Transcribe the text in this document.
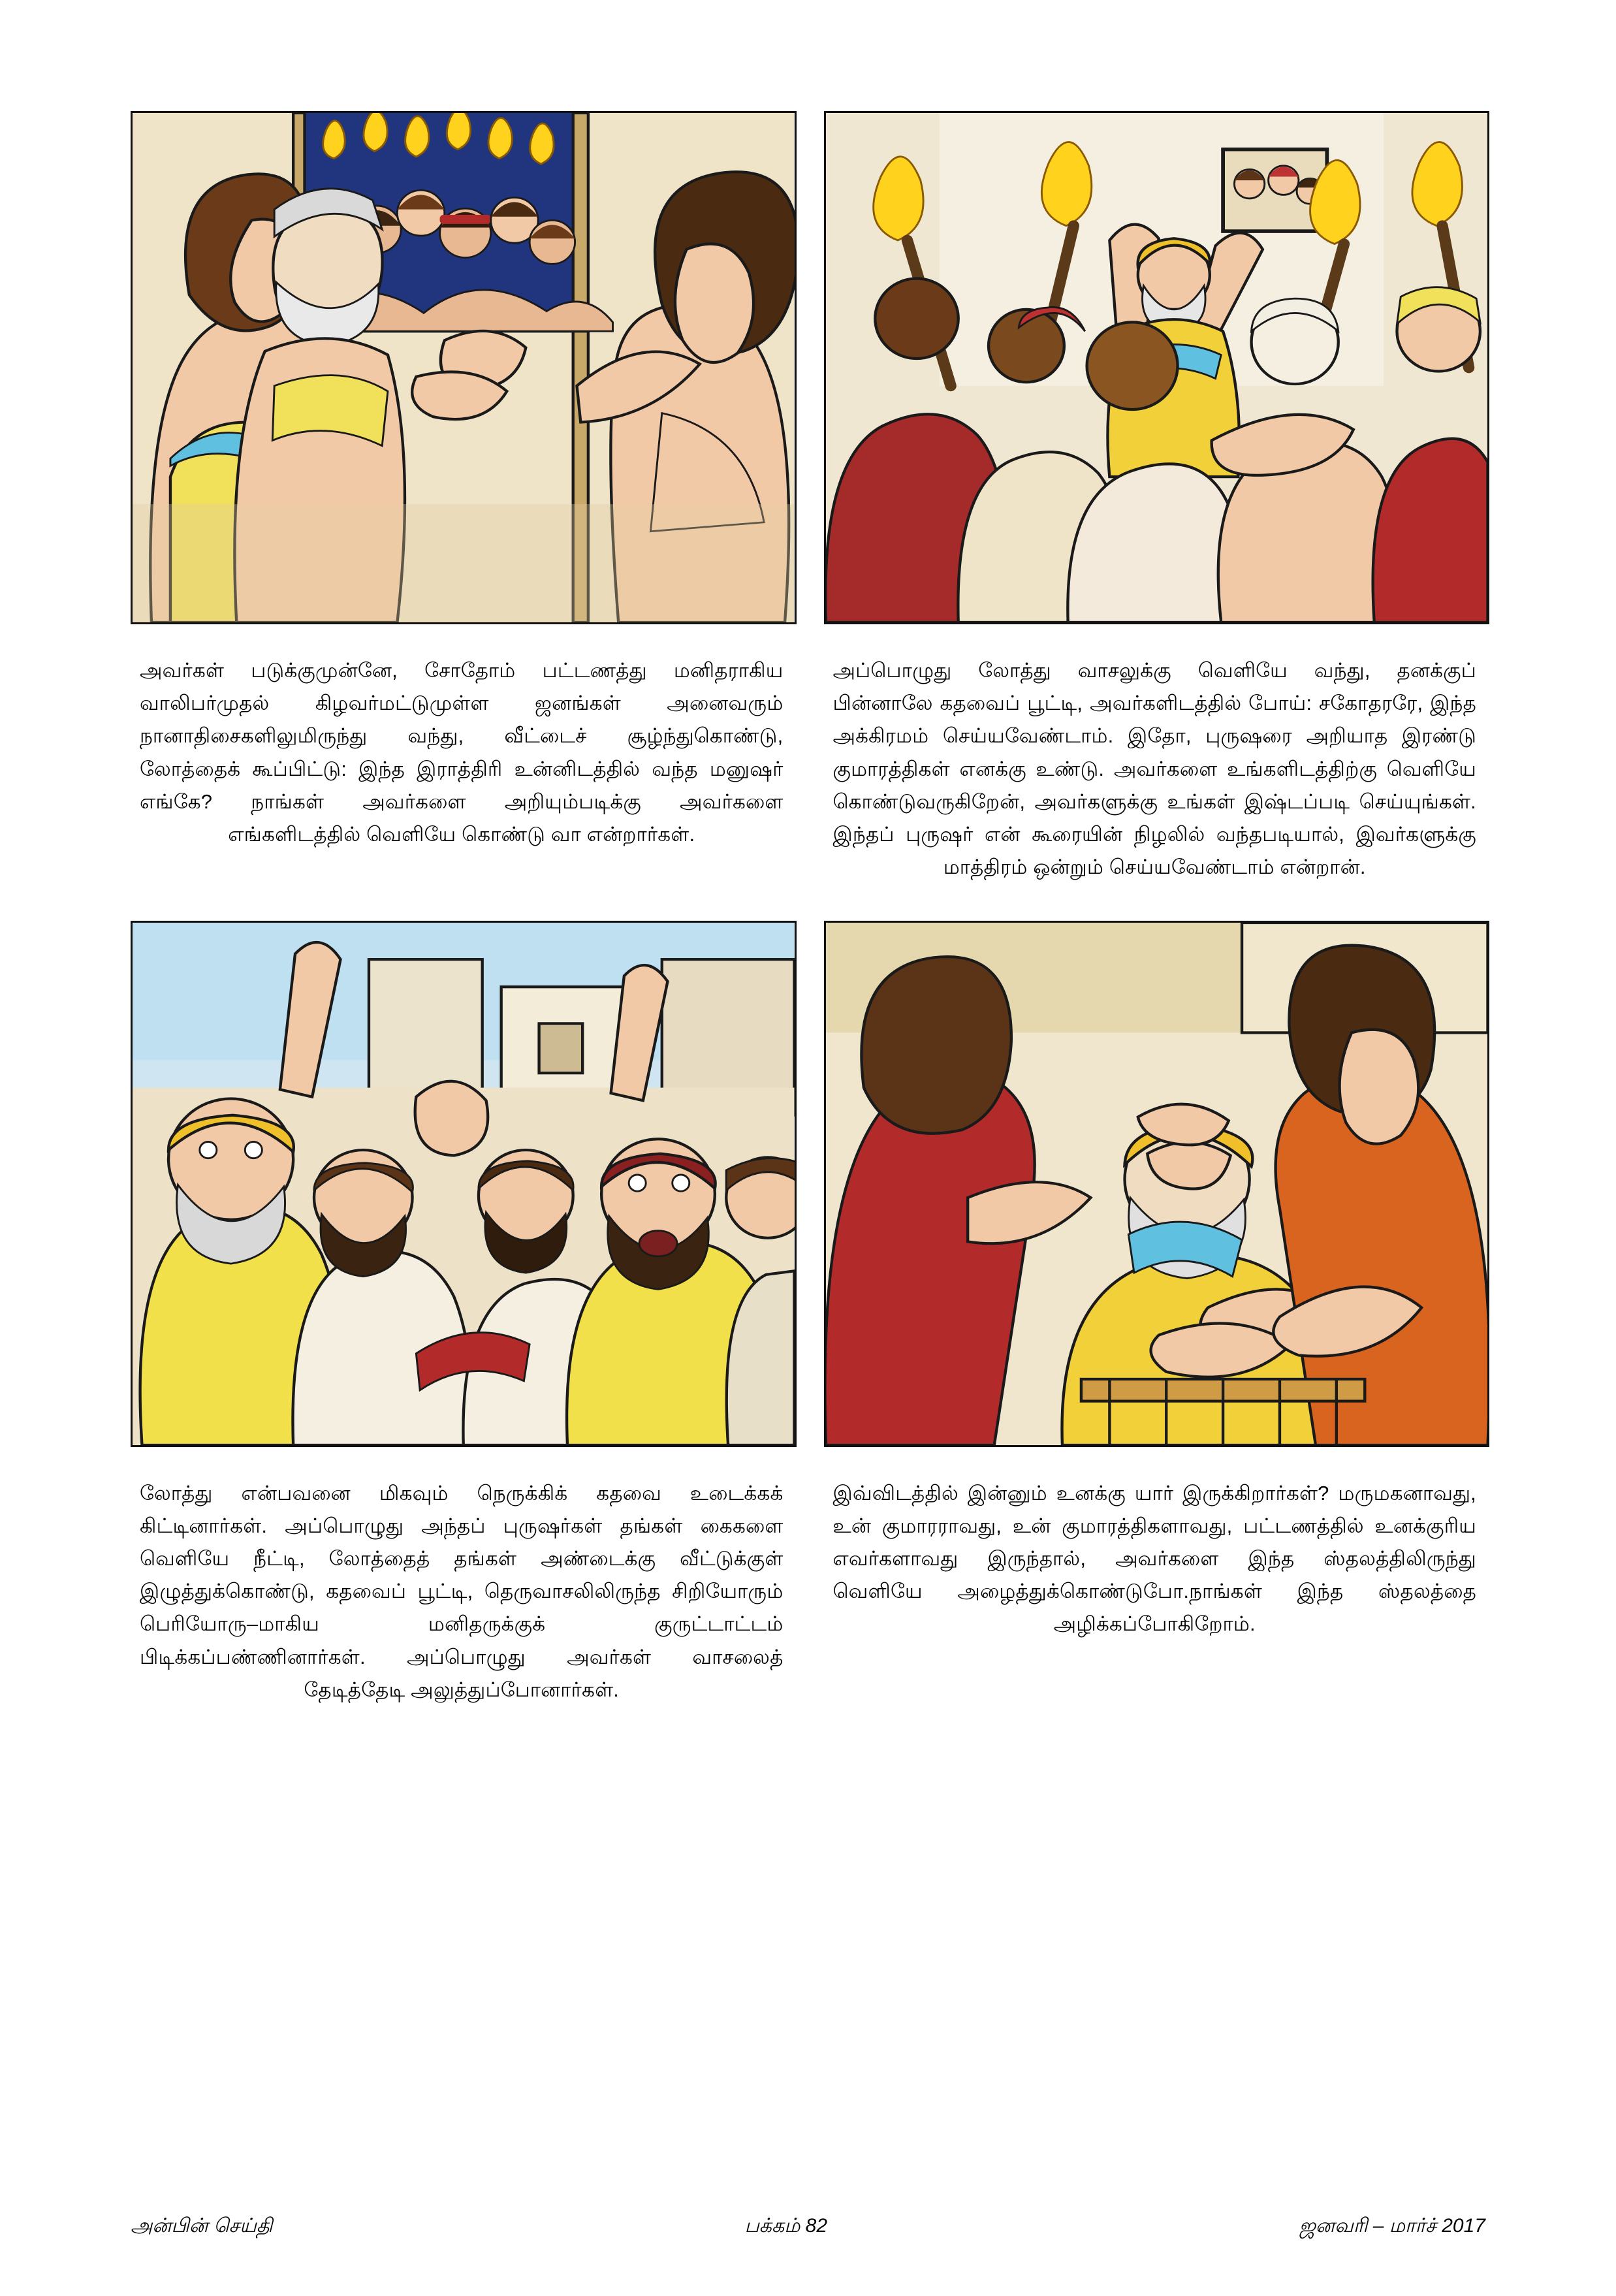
அவர்கள் படுக்குமுன்னே, சோதோம் பட்டணத்து மனிதராகிய வாலிபர்முதல் கிழவர்மட்டுமுள்ள ஜனங்கள் அனைவரும் நானாதிசைகளிலுமிருந்து வந்து, வீட்டைச் சூழ்ந்துகொண்டு, லோத்தைக் கூப்பிட்டு: இந்த இராத்திரி உன்னிடத்தில் வந்த மனுஷர் எங்கே? நாங்கள் அவர்களை அறியும்படிக்கு அவர்களை எங்களிடத்தில் வெளியே கொண்டு வா என்றார்கள்.
அப்பொழுது லோத்து வாசலுக்கு வெளியே வந்து, தனக்குப் பின்னாலே கதவைப் பூட்டி, அவர்களிடத்தில் போய்: சகோதரரே, இந்த அக்கிரமம் செய்யவேண்டாம். இதோ, புருஷரை அறியாத இரண்டு குமாரத்திகள் எனக்கு உண்டு. அவர்களை உங்களிடத்திற்கு வெளியே கொண்டுவருகிறேன், அவர்களுக்கு உங்கள் இஷ்டப்படி செய்யுங்கள். இந்தப் புருஷர் என் கூரையின் நிழலில் வந்தபடியால், இவர்களுக்கு மாத்திரம் ஒன்றும் செய்யவேண்டாம் என்றான்.
லோத்து என்பவனை மிகவும் நெருக்கிக் கதவை உடைக்கக் கிட்டினார்கள். அப்பொழுது அந்தப் புருஷர்கள் தங்கள் கைகளை வெளியே நீட்டி, லோத்தைத் தங்கள் அண்டைக்கு வீட்டுக்குள் இழுத்துக்கொண்டு, கதவைப் பூட்டி, தெருவாசலிலிருந்த சிறியோரும் பெரியோரு–மாகிய மனிதருக்குக் குருட்டாட்டம் பிடிக்கப்பண்ணினார்கள். அப்பொழுது அவர்கள் வாசலைத் தேடித்தேடி அலுத்துப்போனார்கள்.
இவ்விடத்தில் இன்னும் உனக்கு யார் இருக்கிறார்கள்? மருமகனாவது, உன் குமாரராவது, உன் குமாரத்திகளாவது, பட்டணத்தில் உனக்குரிய எவர்களாவது இருந்தால், அவர்களை இந்த ஸ்தலத்திலிருந்து வெளியே அழைத்துக்கொண்டுபோ.நாங்கள் இந்த ஸ்தலத்தை அழிக்கப்போகிறோம்.
அன்பின் செய்தி	பக்கம் 82	ஜனவரி – மார்ச் 2017
